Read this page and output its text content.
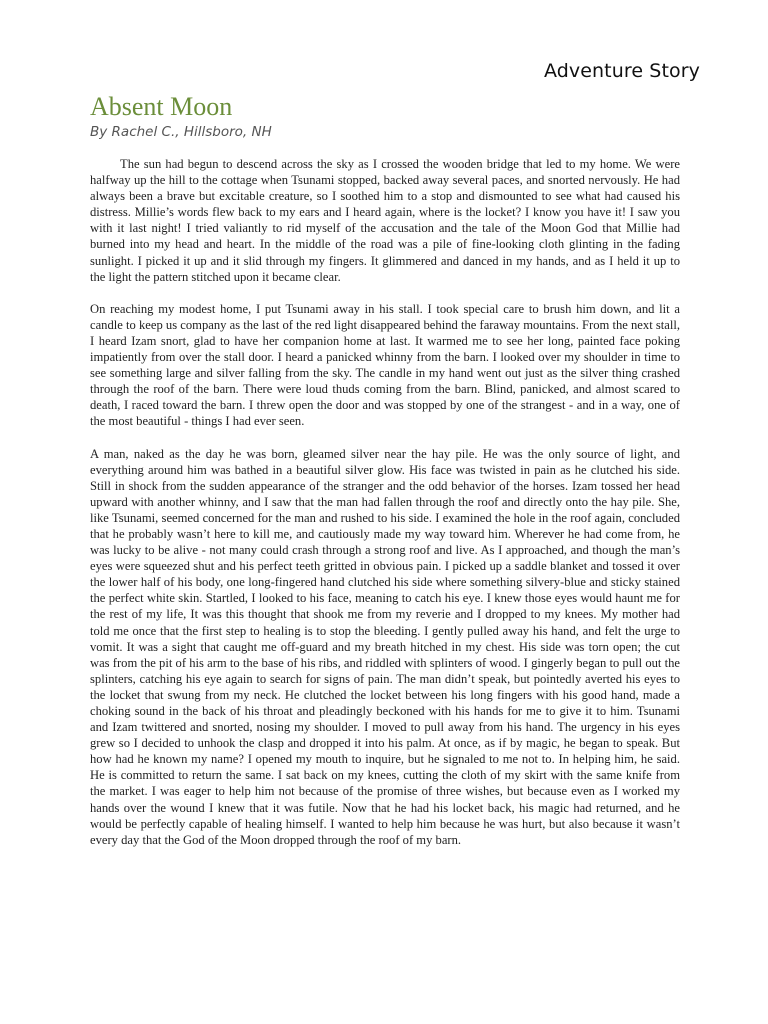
Adventure Story
Absent Moon
By Rachel C., Hillsboro, NH

The sun had begun to descend across the sky as I crossed the wooden bridge that led to my home. We were halfway up the hill to the cottage when Tsunami stopped, backed away several paces, and snorted nervously. He had always been a brave but excitable creature, so I soothed him to a stop and dismounted to see what had caused his distress. Millie’s words flew back to my ears and I heard again, where is the locket? I know you have it! I saw you with it last night! I tried valiantly to rid myself of the accusation and the tale of the Moon God that Millie had burned into my head and heart. In the middle of the road was a pile of fine-looking cloth glinting in the fading sunlight. I picked it up and it slid through my fingers. It glimmered and danced in my hands, and as I held it up to the light the pattern stitched upon it became clear.

On reaching my modest home, I put Tsunami away in his stall. I took special care to brush him down, and lit a candle to keep us company as the last of the red light disappeared behind the faraway mountains. From the next stall, I heard Izam snort, glad to have her companion home at last. It warmed me to see her long, painted face poking impatiently from over the stall door. I heard a panicked whinny from the barn. I looked over my shoulder in time to see something large and silver falling from the sky. The candle in my hand went out just as the silver thing crashed through the roof of the barn. There were loud thuds coming from the barn. Blind, panicked, and almost scared to death, I raced toward the barn. I threw open the door and was stopped by one of the strangest - and in a way, one of the most beautiful - things I had ever seen.

A man, naked as the day he was born, gleamed silver near the hay pile. He was the only source of light, and everything around him was bathed in a beautiful silver glow. His face was twisted in pain as he clutched his side. Still in shock from the sudden appearance of the stranger and the odd behavior of the horses. Izam tossed her head upward with another whinny, and I saw that the man had fallen through the roof and directly onto the hay pile. She, like Tsunami, seemed concerned for the man and rushed to his side. I examined the hole in the roof again, concluded that he probably wasn’t here to kill me, and cautiously made my way toward him. Wherever he had come from, he was lucky to be alive - not many could crash through a strong roof and live. As I approached, and though the man’s eyes were squeezed shut and his perfect teeth gritted in obvious pain. I picked up a saddle blanket and tossed it over the lower half of his body, one long-fingered hand clutched his side where something silvery-blue and sticky stained the perfect white skin. Startled, I looked to his face, meaning to catch his eye. I knew those eyes would haunt me for the rest of my life, It was this thought that shook me from my reverie and I dropped to my knees. My mother had told me once that the first step to healing is to stop the bleeding. I gently pulled away his hand, and felt the urge to vomit. It was a sight that caught me off-guard and my breath hitched in my chest. His side was torn open; the cut was from the pit of his arm to the base of his ribs, and riddled with splinters of wood. I gingerly began to pull out the splinters, catching his eye again to search for signs of pain. The man didn’t speak, but pointedly averted his eyes to the locket that swung from my neck. He clutched the locket between his long fingers with his good hand, made a choking sound in the back of his throat and pleadingly beckoned with his hands for me to give it to him. Tsunami and Izam twittered and snorted, nosing my shoulder. I moved to pull away from his hand. The urgency in his eyes grew so I decided to unhook the clasp and dropped it into his palm. At once, as if by magic, he began to speak. But how had he known my name? I opened my mouth to inquire, but he signaled to me not to. In helping him, he said. He is committed to return the same. I sat back on my knees, cutting the cloth of my skirt with the same knife from the market. I was eager to help him not because of the promise of three wishes, but because even as I worked my hands over the wound I knew that it was futile. Now that he had his locket back, his magic had returned, and he would be perfectly capable of healing himself. I wanted to help him because he was hurt, but also because it wasn’t every day that the God of the Moon dropped through the roof of my barn.
